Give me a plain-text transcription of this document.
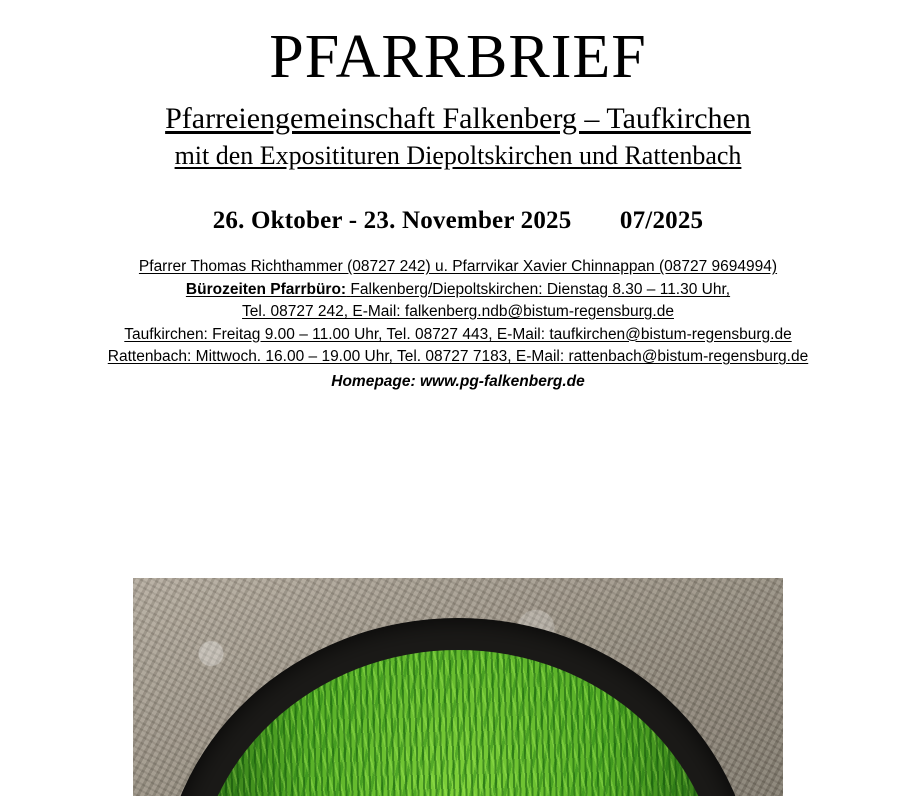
PFARRBRIEF
Pfarreiengemeinschaft Falkenberg – Taufkirchen
mit den Expositituren Diepoltskirchen und Rattenbach
26. Oktober - 23. November 2025 07/2025
Pfarrer Thomas Richthammer (08727 242) u. Pfarrvikar Xavier Chinnappan (08727 9694994)
Bürozeiten Pfarrbüro: Falkenberg/Diepoltskirchen: Dienstag 8.30 – 11.30 Uhr,
Tel. 08727 242, E-Mail: falkenberg.ndb@bistum-regensburg.de
Taufkirchen: Freitag 9.00 – 11.00 Uhr, Tel. 08727 443, E-Mail: taufkirchen@bistum-regensburg.de
Rattenbach: Mittwoch. 16.00 – 19.00 Uhr, Tel. 08727 7183, E-Mail: rattenbach@bistum-regensburg.de
Homepage: www.pg-falkenberg.de
